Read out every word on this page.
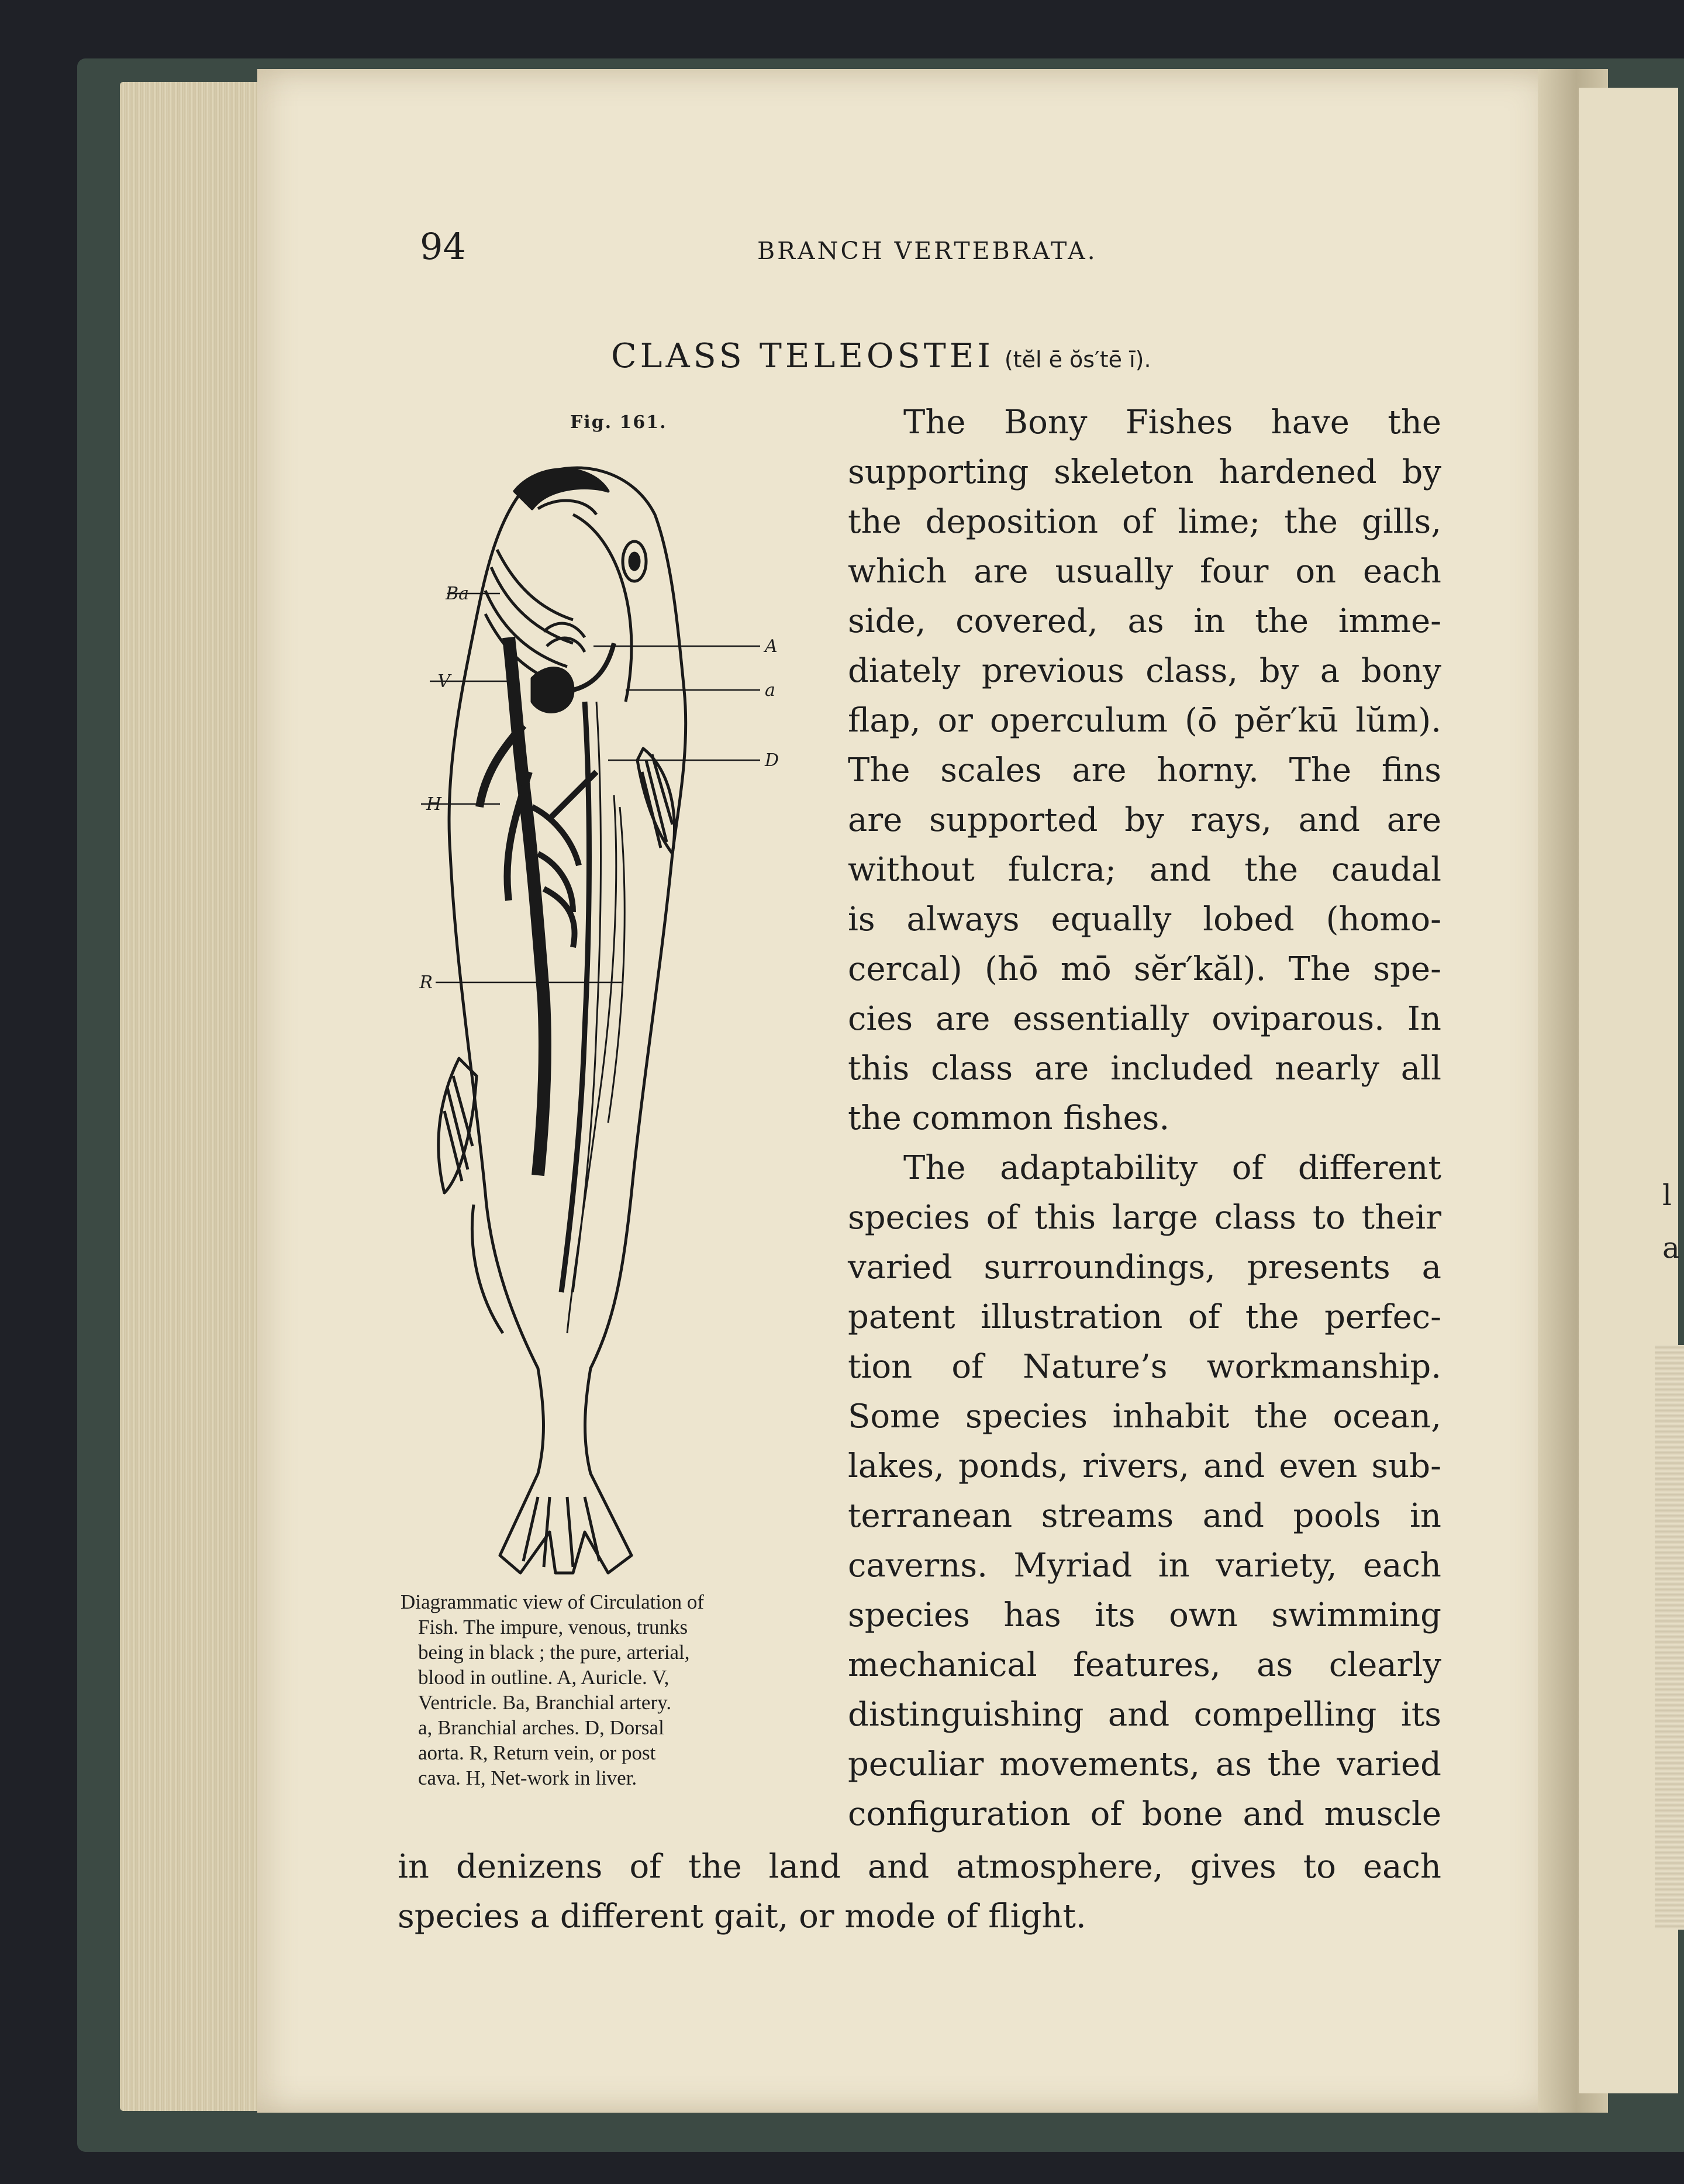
l
a
94	BRANCH VERTEBRATA.
CLASS TELEOSTEI (tĕl ē ŏs′tē ī).
Fig. 161.
Ba
A
V	a
D
H
R
Diagrammatic view of Circulation of
Fish. The impure, venous, trunks
being in black ; the pure, arterial,
blood in outline. A, Auricle. V,
Ventricle. Ba, Branchial artery.
a, Branchial arches. D, Dorsal
aorta. R, Return vein, or post
cava. H, Net-work in liver.
The Bony Fishes have the
supporting skeleton hardened by
the deposition of lime; the gills,
which are usually four on each
side, covered, as in the imme-
diately previous class, by a bony
flap, or operculum (ō pĕr′kū lŭm).
The scales are horny. The fins
are supported by rays, and are
without fulcra; and the caudal
is always equally lobed (homo-
cercal) (hō mō sĕr′kăl). The spe-
cies are essentially oviparous. In
this class are included nearly all
the common fishes.
The adaptability of different
species of this large class to their
varied surroundings, presents a
patent illustration of the perfec-
tion of Nature’s workmanship.
Some species inhabit the ocean,
lakes, ponds, rivers, and even sub-
terranean streams and pools in
caverns. Myriad in variety, each
species has its own swimming
mechanical features, as clearly
distinguishing and compelling its
peculiar movements, as the varied
configuration of bone and muscle
in denizens of the land and atmosphere, gives to each
species a different gait, or mode of flight.
